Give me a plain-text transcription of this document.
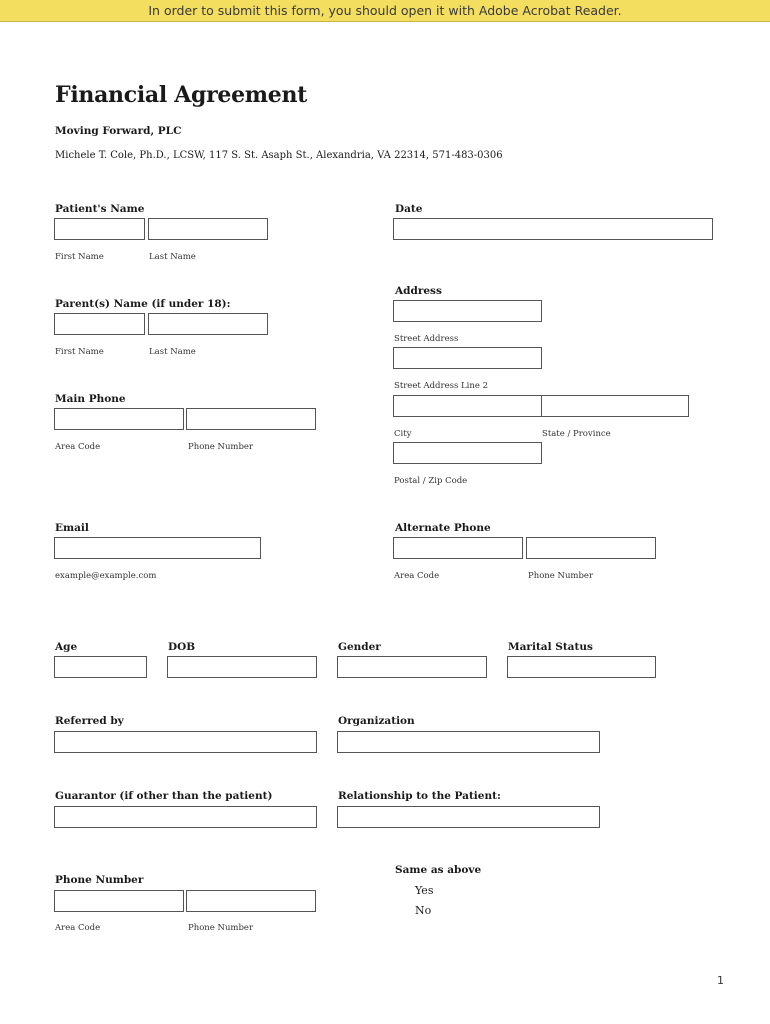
In order to submit this form, you should open it with Adobe Acrobat Reader.
Financial Agreement
Moving Forward, PLC
Michele T. Cole, Ph.D., LCSW, 117 S. St. Asaph St., Alexandria, VA 22314, 571-483-0306
Patient's Name
First Name	Last Name
Date
Address
Street Address
Street Address Line 2
City	State / Province
Postal / Zip Code
Parent(s) Name (if under 18):
First Name	Last Name
Main Phone
Area Code	Phone Number
Email
example@example.com
Alternate Phone
Area Code	Phone Number
Age	DOB	Gender	Marital Status
Referred by	Organization
Guarantor (if other than the patient)	Relationship to the Patient:
Phone Number
Area Code	Phone Number
Same as above
Yes
No
1
